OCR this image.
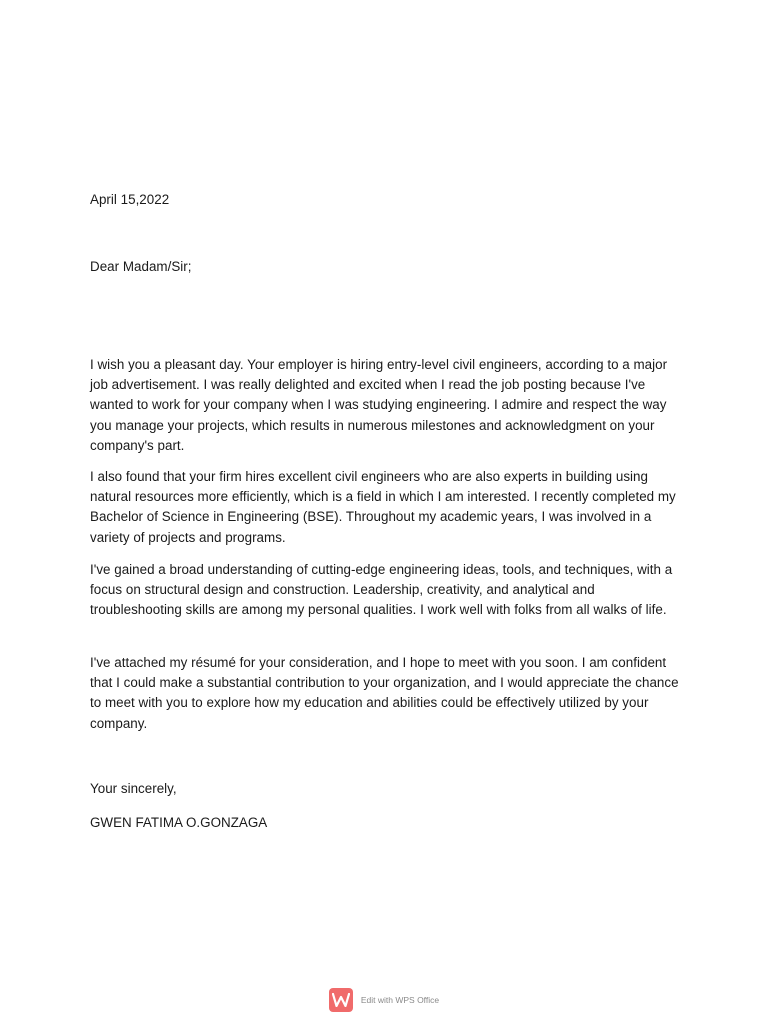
April 15,2022
Dear Madam/Sir;

I wish you a pleasant day. Your employer is hiring entry-level civil engineers, according to a major job advertisement. I was really delighted and excited when I read the job posting because I've wanted to work for your company when I was studying engineering. I admire and respect the way you manage your projects, which results in numerous milestones and acknowledgment on your company's part.

I also found that your firm hires excellent civil engineers who are also experts in building using natural resources more efficiently, which is a field in which I am interested. I recently completed my Bachelor of Science in Engineering (BSE). Throughout my academic years, I was involved in a variety of projects and programs.

I've gained a broad understanding of cutting-edge engineering ideas, tools, and techniques, with a focus on structural design and construction. Leadership, creativity, and analytical and troubleshooting skills are among my personal qualities. I work well with folks from all walks of life.

I've attached my résumé for your consideration, and I hope to meet with you soon. I am confident that I could make a substantial contribution to your organization, and I would appreciate the chance to meet with you to explore how my education and abilities could be effectively utilized by your company.

Your sincerely,
GWEN FATIMA O.GONZAGA
Edit with WPS Office
